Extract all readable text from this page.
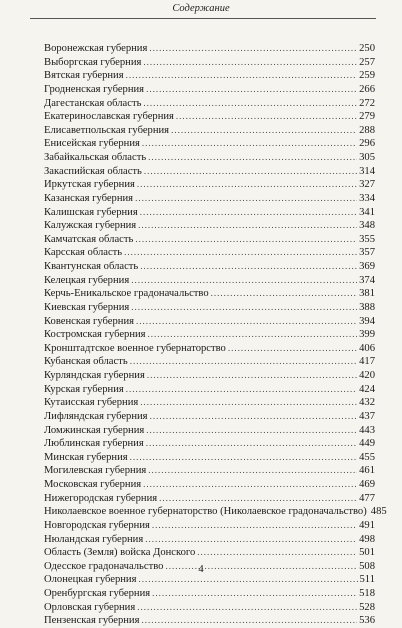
Содержание
Воронежская губерния .....	250
Выборгская губерния .....	257
Вятская губерния .....	259
Гродненская губерния .....	266
Дагестанская область .....	272
Екатеринославская губерния .....	279
Елисаветпольская губерния .....	288
Енисейская губерния .....	296
Забайкальская область .....	305
Закаспийская область .....	314
Иркутская губерния .....	327
Казанская губерния .....	334
Калишская губерния .....	341
Калужская губерния .....	348
Камчатская область .....	355
Карсская область .....	357
Квантунская область .....	369
Келецкая губерния .....	374
Керчь-Еникальское градоначальство .....	381
Киевская губерния .....	388
Ковенская губерния .....	394
Костромская губерния .....	399
Кронштадтское военное губернаторство .....	406
Кубанская область .....	417
Курляндская губерния .....	420
Курская губерния .....	424
Кутаисская губерния .....	432
Лифляндская губерния .....	437
Ломжинская губерния .....	443
Люблинская губерния .....	449
Минская губерния .....	455
Могилевская губерния .....	461
Московская губерния .....	469
Нижегородская губерния .....	477
Николаевское военное губернаторство (Николаевское градоначальство) 485
Новгородская губерния .....	491
Нюландская губерния .....	498
Область (Земля) войска Донского .....	501
Одесское градоначальство .....	508
Олонецкая губерния .....	511
Оренбургская губерния .....	518
Орловская губерния .....	528
Пензенская губерния .....	536
4
